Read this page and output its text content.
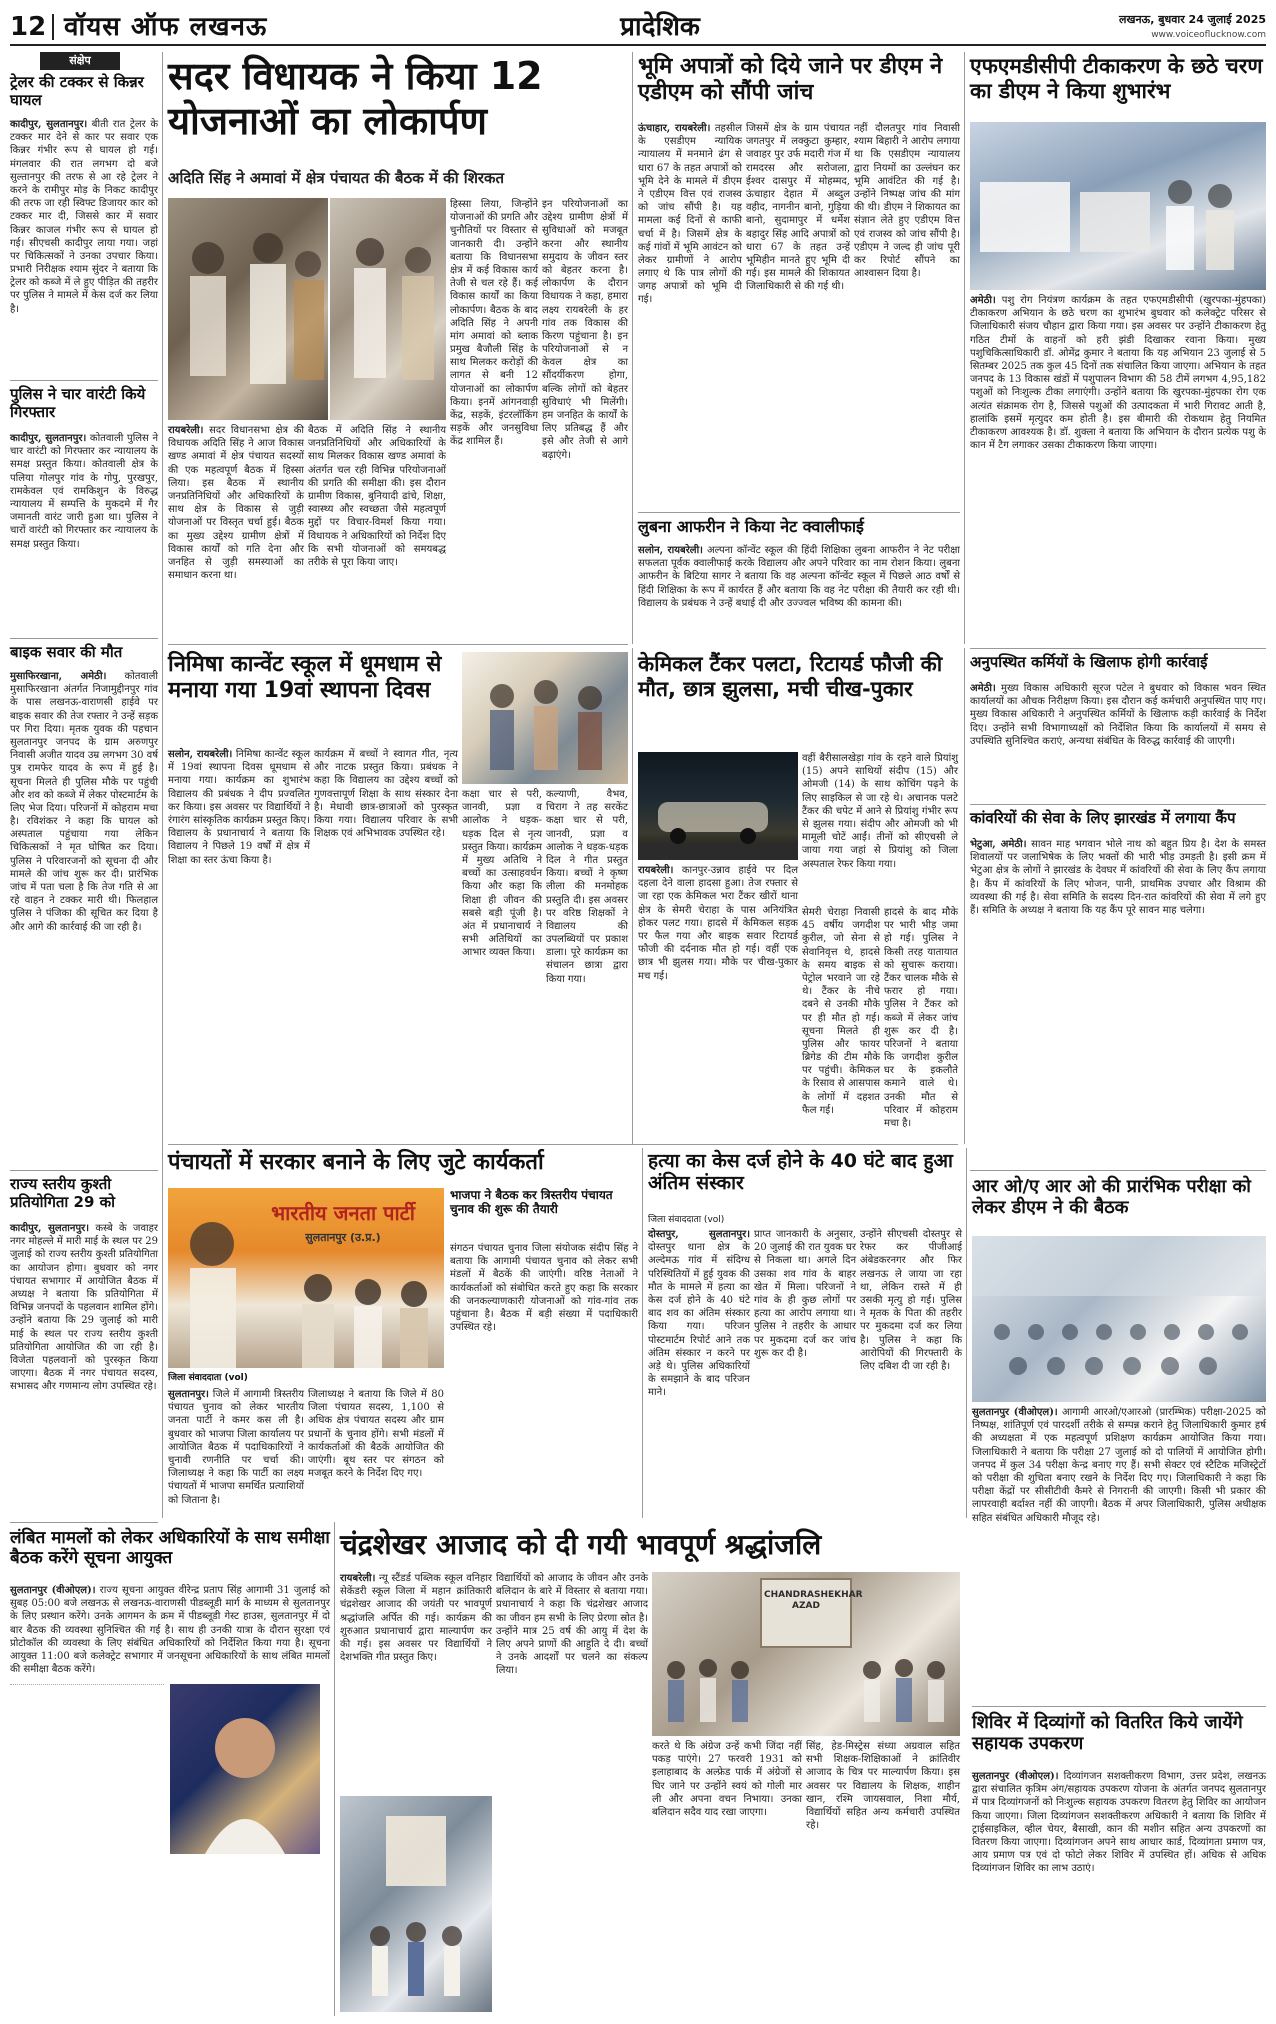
12 वॉयस ऑफ लखनऊ	प्रादेशिक	लखनऊ, बुधवार 24 जुलाई 2025
www.voiceoflucknow.com
संक्षेप
ट्रेलर की टक्कर से किन्नर घायल
कादीपुर, सुलतानपुर। बीती रात ट्रेलर के टक्कर मार देने से कार पर सवार एक किन्नर गंभीर रूप से घायल हो गई। मंगलवार की रात लगभग दो बजे सुल्तानपुर की तरफ से आ रहे ट्रेलर ने करने के रामीपुर मोड़ के निकट कादीपुर की तरफ जा रही स्विफ्ट डिजायर कार को टक्कर मार दी, जिससे कार में सवार किन्नर काजल गंभीर रूप से घायल हो गई। सीएचसी कादीपुर लाया गया। जहां पर चिकित्सकों ने उनका उपचार किया। प्रभारी निरीक्षक श्याम सुंदर ने बताया कि ट्रेलर को कब्जे में ले हुए पीड़ित की तहरीर पर पुलिस ने मामले में केस दर्ज कर लिया है।
पुलिस ने चार वारंटी किये गिरफ्तार
कादीपुर, सुलतानपुर। कोतवाली पुलिस ने चार वारंटी को गिरफ्तार कर न्यायालय के समक्ष प्रस्तुत किया। कोतवाली क्षेत्र के पलिया गोलपुर गांव के गोपु, पुरखपुर, रामकेवल एवं रामकिशुन के विरुद्ध न्यायालय में सम्पत्ति के मुकदमे में गैर जमानती वारंट जारी हुआ था। पुलिस ने चारों वारंटी को गिरफ्तार कर न्यायालय के समक्ष प्रस्तुत किया।
बाइक सवार की मौत
मुसाफिरखाना, अमेठी। कोतवाली मुसाफिरखाना अंतर्गत निजामुद्दीनपुर गांव के पास लखनऊ-वाराणसी हाईवे पर बाइक सवार की तेज रफ्तार ने उन्हें सड़क पर गिरा दिया। मृतक युवक की पहचान सुलतानपुर जनपद के ग्राम अरुणपुर निवासी अजीत यादव उम्र लगभग 30 वर्ष पुत्र रामफेर यादव के रूप में हुई है। सूचना मिलते ही पुलिस मौके पर पहुंची और शव को कब्जे में लेकर पोस्टमार्टम के लिए भेज दिया। परिजनों में कोहराम मचा है। रविशंकर ने कहा कि घायल को अस्पताल पहुंचाया गया लेकिन चिकित्सकों ने मृत घोषित कर दिया। पुलिस ने परिवारजनों को सूचना दी और मामले की जांच शुरू कर दी। प्रारंभिक जांच में पता चला है कि तेज गति से आ रहे वाहन ने टक्कर मारी थी। फिलहाल पुलिस ने पंजिका की सूचित कर दिया है और आगे की कार्रवाई की जा रही है।
राज्य स्तरीय कुश्ती प्रतियोगिता 29 को
कादीपुर, सुलतानपुर। कस्बे के जवाहर नगर मोहल्ले में मारी माई के स्थल पर 29 जुलाई को राज्य स्तरीय कुश्ती प्रतियोगिता का आयोजन होगा। बुधवार को नगर पंचायत सभागार में आयोजित बैठक में अध्यक्ष ने बताया कि प्रतियोगिता में विभिन्न जनपदों के पहलवान शामिल होंगे। उन्होंने बताया कि 29 जुलाई को मारी माई के स्थल पर राज्य स्तरीय कुश्ती प्रतियोगिता आयोजित की जा रही है। विजेता पहलवानों को पुरस्कृत किया जाएगा। बैठक में नगर पंचायत सदस्य, सभासद और गणमान्य लोग उपस्थित रहे।
सदर विधायक ने किया 12 योजनाओं का लोकार्पण
अदिति सिंह ने अमावां में क्षेत्र पंचायत की बैठक में की शिरकत
हिस्सा लिया, जिन्होंने योजनाओं की प्रगति और चुनौतियों पर विस्तार से जानकारी दी। उन्होंने बताया कि विधानसभा क्षेत्र में कई विकास कार्य तेजी से चल रहे हैं। कई विकास कार्यों का किया लोकार्पण। बैठक के बाद अदिति सिंह ने अपनी मांग अमावां को ब्लाक प्रमुख बैजौली सिंह के साथ मिलकर करोड़ों की लागत से बनी 12 योजनाओं का लोकार्पण किया। इनमें आंगनवाड़ी केंद्र, सड़कें, इंटरलॉकिंग सड़कें और जनसुविधा केंद्र शामिल हैं।
इन परियोजनाओं का उद्देश्य ग्रामीण क्षेत्रों में सुविधाओं को मजबूत करना और स्थानीय समुदाय के जीवन स्तर को बेहतर करना है। लोकार्पण के दौरान विधायक ने कहा, हमारा लक्ष्य रायबरेली के हर गांव तक विकास की किरण पहुंचाना है। इन परियोजनाओं से न केवल क्षेत्र का सौंदर्यीकरण होगा, बल्कि लोगों को बेहतर सुविधाएं भी मिलेंगी। हम जनहित के कार्यों के लिए प्रतिबद्ध हैं और इसे और तेजी से आगे बढ़ाएंगे।
रायबरेली। सदर विधानसभा क्षेत्र की विधायक अदिति सिंह ने आज विकास खण्ड अमावां में क्षेत्र पंचायत सदस्यों की एक महत्वपूर्ण बैठक में हिस्सा लिया। इस बैठक में स्थानीय जनप्रतिनिधियों और अधिकारियों के साथ क्षेत्र के विकास से जुड़ी योजनाओं पर विस्तृत चर्चा हुई। बैठक का मुख्य उद्देश्य ग्रामीण क्षेत्रों में विकास कार्यों को गति देना और जनहित से जुड़ी समस्याओं का समाधान करना था।
बैठक में अदिति सिंह ने स्थानीय जनप्रतिनिधियों और अधिकारियों के साथ मिलकर विकास खण्ड अमावां के अंतर्गत चल रही विभिन्न परियोजनाओं की प्रगति की समीक्षा की। इस दौरान ग्रामीण विकास, बुनियादी ढांचे, शिक्षा, स्वास्थ्य और स्वच्छता जैसे महत्वपूर्ण मुद्दों पर विचार-विमर्श किया गया। विधायक ने अधिकारियों को निर्देश दिए कि सभी योजनाओं को समयबद्ध तरीके से पूरा किया जाए।
भूमि अपात्रों को दिये जाने पर डीएम ने एडीएम को सौंपी जांच
ऊंचाहार, रायबरेली। तहसील के एसडीएम न्यायिक न्यायालय में मनमाने ढंग से धारा 67 के तहत अपात्रों को भूमि देने के मामले में डीएम ने एडीएम वित्त एवं राजस्व को जांच सौंपी है। यह मामला कई दिनों से काफी चर्चा में है। जिसमें क्षेत्र के कई गांवों में भूमि आवंटन को लेकर ग्रामीणों ने आरोप लगाए थे कि पात्र लोगों की जगह अपात्रों को भूमि दी गई।
जिसमें क्षेत्र के ग्राम पंचायत जगतपुर में लक्कुटा कुम्हार, जवाहर पुर उर्फ मदारी गंज में रामदरस और सरोजला, ईश्वर दासपुर में मोहम्मद, ऊंचाहार देहात में अब्दुल वहीद, नागनीन बानो, गुड़िया बानो, सुदामापुर में धर्मेश बहादुर सिंह आदि अपात्रों को धारा 67 के तहत उन्हें भूमिहीन मानते हुए भूमि दी गई। इस मामले की शिकायत जिलाधिकारी से की गई थी।
नहीं दौलतपुर गांव निवासी श्याम बिहारी ने आरोप लगाया था कि एसडीएम न्यायालय द्वारा नियमों का उल्लंघन कर भूमि आवंटित की गई है। उन्होंने निष्पक्ष जांच की मांग की थी। डीएम ने शिकायत का संज्ञान लेते हुए एडीएम वित्त एवं राजस्व को जांच सौंपी है। एडीएम ने जल्द ही जांच पूरी कर रिपोर्ट सौंपने का आश्वासन दिया है।
लुबना आफरीन ने किया नेट क्वालीफाई
सलोन, रायबरेली। अल्पना कॉन्वेंट स्कूल की हिंदी शिक्षिका लुबना आफरीन ने नेट परीक्षा सफलता पूर्वक क्वालीफाई करके विद्यालय और अपने परिवार का नाम रोशन किया। लुबना आफरीन के बिटिया सागर ने बताया कि वह अल्पना कॉन्वेंट स्कूल में पिछले आठ वर्षों से हिंदी शिक्षिका के रूप में कार्यरत हैं और बताया कि वह नेट परीक्षा की तैयारी कर रही थी। विद्यालय के प्रबंधक ने उन्हें बधाई दी और उज्ज्वल भविष्य की कामना की।
एफएमडीसीपी टीकाकरण के छठे चरण का डीएम ने किया शुभारंभ
अमेठी। पशु रोग नियंत्रण कार्यक्रम के तहत एफएमडीसीपी (खुरपका-मुंहपका) टीकाकरण अभियान के छठे चरण का शुभारंभ बुधवार को कलेक्ट्रेट परिसर से जिलाधिकारी संजय चौहान द्वारा किया गया। इस अवसर पर उन्होंने टीकाकरण हेतु गठित टीमों के वाहनों को हरी झंडी दिखाकर रवाना किया। मुख्य पशुचिकित्साधिकारी डॉ. ओमेंद्र कुमार ने बताया कि यह अभियान 23 जुलाई से 5 सितम्बर 2025 तक कुल 45 दिनों तक संचालित किया जाएगा। अभियान के तहत जनपद के 13 विकास खंडों में पशुपालन विभाग की 58 टीमें लगभग 4,95,182 पशुओं को निःशुल्क टीका लगाएंगी। उन्होंने बताया कि खुरपका-मुंहपका रोग एक अत्यंत संक्रामक रोग है, जिससे पशुओं की उत्पादकता में भारी गिरावट आती है, हालांकि इसमें मृत्युदर कम होती है। इस बीमारी की रोकथाम हेतु नियमित टीकाकरण आवश्यक है। डॉ. शुक्ला ने बताया कि अभियान के दौरान प्रत्येक पशु के कान में टैग लगाकर उसका टीकाकरण किया जाएगा।
निमिषा कान्वेंट स्कूल में धूमधाम से मनाया गया 19वां स्थापना दिवस
सलोन, रायबरेली। निमिषा कान्वेंट स्कूल में 19वां स्थापना दिवस धूमधाम से मनाया गया। कार्यक्रम का शुभारंभ विद्यालय की प्रबंधक ने दीप प्रज्वलित कर किया। इस अवसर पर विद्यार्थियों ने रंगारंग सांस्कृतिक कार्यक्रम प्रस्तुत किए। विद्यालय के प्रधानाचार्य ने बताया कि विद्यालय ने पिछले 19 वर्षों में क्षेत्र में शिक्षा का स्तर ऊंचा किया है।
कार्यक्रम में बच्चों ने स्वागत गीत, नृत्य और नाटक प्रस्तुत किया। प्रबंधक ने कहा कि विद्यालय का उद्देश्य बच्चों को गुणवत्तापूर्ण शिक्षा के साथ संस्कार देना है। मेधावी छात्र-छात्राओं को पुरस्कृत किया गया। विद्यालय परिवार के सभी शिक्षक एवं अभिभावक उपस्थित रहे।
कक्षा चार से परी, जानवी, प्रज्ञा व आलोक ने धड़क-धड़क दिल से नृत्य प्रस्तुत किया। कार्यक्रम में मुख्य अतिथि ने बच्चों का उत्साहवर्धन किया और कहा कि शिक्षा ही जीवन की सबसे बड़ी पूंजी है। अंत में प्रधानाचार्य ने सभी अतिथियों का आभार व्यक्त किया।
कल्याणी, वैभव, चिराग ने तह सरकेंट कक्षा चार से परी, जानवी, प्रज्ञा व आलोक ने धड़क-धड़क दिल ने गीत प्रस्तुत किया। बच्चों ने कृष्ण लीला की मनमोहक प्रस्तुति दी। इस अवसर पर वरिष्ठ शिक्षकों ने विद्यालय की उपलब्धियों पर प्रकाश डाला। पूरे कार्यक्रम का संचालन छात्रा द्वारा किया गया।
केमिकल टैंकर पलटा, रिटायर्ड फौजी की मौत, छात्र झुलसा, मची चीख-पुकार
वहीं बैरीसालखेड़ा गांव के रहने वाले प्रियांशु (15) अपने साथियों संदीप (15) और ओमजी (14) के साथ कोचिंग पढ़ने के लिए साइकिल से जा रहे थे। अचानक पलटे टैंकर की चपेट में आने से प्रियांशु गंभीर रूप से झुलस गया। संदीप और ओमजी को भी मामूली चोटें आईं। तीनों को सीएचसी ले जाया गया जहां से प्रियांशु को जिला अस्पताल रेफर किया गया।
रायबरेली। कानपुर-उन्नाव हाईवे पर दिल दहला देने वाला हादसा हुआ। तेज रफ्तार से जा रहा एक केमिकल भरा टैंकर खीरों थाना क्षेत्र के सेमरी चेराहा के पास अनियंत्रित होकर पलट गया। हादसे में केमिकल सड़क पर फैल गया और बाइक सवार रिटायर्ड फौजी की दर्दनाक मौत हो गई। वहीं एक छात्र भी झुलस गया। मौके पर चीख-पुकार मच गई।
सेमरी चेराहा निवासी 45 वर्षीय जगदीश कुरील, जो सेना से सेवानिवृत्त थे, हादसे के समय बाइक से पेट्रोल भरवाने जा रहे थे। टैंकर के नीचे दबने से उनकी मौके पर ही मौत हो गई। सूचना मिलते ही पुलिस और फायर ब्रिगेड की टीम मौके पर पहुंची। केमिकल के रिसाव से आसपास के लोगों में दहशत फैल गई।
हादसे के बाद मौके पर भारी भीड़ जमा हो गई। पुलिस ने किसी तरह यातायात को सुचारू कराया। टैंकर चालक मौके से फरार हो गया। पुलिस ने टैंकर को कब्जे में लेकर जांच शुरू कर दी है। परिजनों ने बताया कि जगदीश कुरील घर के इकलौते कमाने वाले थे। उनकी मौत से परिवार में कोहराम मचा है।
अनुपस्थित कर्मियों के खिलाफ होगी कार्रवाई
अमेठी। मुख्य विकास अधिकारी सूरज पटेल ने बुधवार को विकास भवन स्थित कार्यालयों का औचक निरीक्षण किया। इस दौरान कई कर्मचारी अनुपस्थित पाए गए। मुख्य विकास अधिकारी ने अनुपस्थित कर्मियों के खिलाफ कड़ी कार्रवाई के निर्देश दिए। उन्होंने सभी विभागाध्यक्षों को निर्देशित किया कि कार्यालयों में समय से उपस्थिति सुनिश्चित कराएं, अन्यथा संबंधित के विरुद्ध कार्रवाई की जाएगी।
कांवरियों की सेवा के लिए झारखंड में लगाया कैंप
भेटुआ, अमेठी। सावन माह भगवान भोले नाथ को बहुत प्रिय है। देश के समस्त शिवालयों पर जलाभिषेक के लिए भक्तों की भारी भीड़ उमड़ती है। इसी क्रम में भेटुआ क्षेत्र के लोगों ने झारखंड के देवघर में कांवरियों की सेवा के लिए कैंप लगाया है। कैंप में कांवरियों के लिए भोजन, पानी, प्राथमिक उपचार और विश्राम की व्यवस्था की गई है। सेवा समिति के सदस्य दिन-रात कांवरियों की सेवा में लगे हुए हैं। समिति के अध्यक्ष ने बताया कि यह कैंप पूरे सावन माह चलेगा।
पंचायतों में सरकार बनाने के लिए जुटे कार्यकर्ता
भारतीय जनता पार्टी
सुलतानपुर (उ.प्र.)
जिला संवाददाता (vol)
सुलतानपुर। जिले में आगामी त्रिस्तरीय पंचायत चुनाव को लेकर भारतीय जनता पार्टी ने कमर कस ली है। बुधवार को भाजपा जिला कार्यालय पर आयोजित बैठक में पदाधिकारियों ने चुनावी रणनीति पर चर्चा की। जिलाध्यक्ष ने कहा कि पार्टी का लक्ष्य पंचायतों में भाजपा समर्थित प्रत्याशियों को जिताना है।
जिलाध्यक्ष ने बताया कि जिले में 80 जिला पंचायत सदस्य, 1,100 से अधिक क्षेत्र पंचायत सदस्य और ग्राम प्रधानों के चुनाव होंगे। सभी मंडलों में कार्यकर्ताओं की बैठकें आयोजित की जाएंगी। बूथ स्तर पर संगठन को मजबूत करने के निर्देश दिए गए।
भाजपा ने बैठक कर त्रिस्तरीय पंचायत चुनाव की शुरू की तैयारी
संगठन पंचायत चुनाव जिला संयोजक संदीप सिंह ने बताया कि आगामी पंचायत चुनाव को लेकर सभी मंडलों में बैठकें की जाएंगी। वरिष्ठ नेताओं ने कार्यकर्ताओं को संबोधित करते हुए कहा कि सरकार की जनकल्याणकारी योजनाओं को गांव-गांव तक पहुंचाना है। बैठक में बड़ी संख्या में पदाधिकारी उपस्थित रहे।
हत्या का केस दर्ज होने के 40 घंटे बाद हुआ अंतिम संस्कार
जिला संवाददाता (vol)
दोस्तपुर, सुलतानपुर। दोस्तपुर थाना क्षेत्र के अल्देमऊ गांव में संदिग्ध परिस्थितियों में हुई युवक की मौत के मामले में हत्या का केस दर्ज होने के 40 घंटे बाद शव का अंतिम संस्कार किया गया। परिजन पोस्टमार्टम रिपोर्ट आने तक अंतिम संस्कार न करने पर अड़े थे। पुलिस अधिकारियों के समझाने के बाद परिजन माने।
प्राप्त जानकारी के अनुसार, 20 जुलाई की रात युवक घर से निकला था। अगले दिन उसका शव गांव के बाहर खेत में मिला। परिजनों ने गांव के ही कुछ लोगों पर हत्या का आरोप लगाया था। पुलिस ने तहरीर के आधार पर मुकदमा दर्ज कर जांच शुरू कर दी है।
उन्होंने सीएचसी दोस्तपुर से रेफर कर पीजीआई अंबेडकरनगर और फिर लखनऊ ले जाया जा रहा था, लेकिन रास्ते में ही उसकी मृत्यु हो गई। पुलिस ने मृतक के पिता की तहरीर पर मुकदमा दर्ज कर लिया है। पुलिस ने कहा कि आरोपियों की गिरफ्तारी के लिए दबिश दी जा रही है।
आर ओ/ए आर ओ की प्रारंभिक परीक्षा को लेकर डीएम ने की बैठक
सुलतानपुर (वीओएल)। आगामी आरओ/एआरओ (प्रारम्भिक) परीक्षा-2025 को निष्पक्ष, शांतिपूर्ण एवं पारदर्शी तरीके से सम्पन्न कराने हेतु जिलाधिकारी कुमार हर्ष की अध्यक्षता में एक महत्वपूर्ण प्रशिक्षण कार्यक्रम आयोजित किया गया। जिलाधिकारी ने बताया कि परीक्षा 27 जुलाई को दो पालियों में आयोजित होगी। जनपद में कुल 34 परीक्षा केन्द्र बनाए गए हैं। सभी सेक्टर एवं स्टैटिक मजिस्ट्रेटों को परीक्षा की शुचिता बनाए रखने के निर्देश दिए गए। जिलाधिकारी ने कहा कि परीक्षा केंद्रों पर सीसीटीवी कैमरे से निगरानी की जाएगी। किसी भी प्रकार की लापरवाही बर्दाश्त नहीं की जाएगी। बैठक में अपर जिलाधिकारी, पुलिस अधीक्षक सहित संबंधित अधिकारी मौजूद रहे।
शिविर में दिव्यांगों को वितरित किये जायेंगे सहायक उपकरण
सुलतानपुर (वीओएल)। दिव्यांगजन सशक्तीकरण विभाग, उत्तर प्रदेश, लखनऊ द्वारा संचालित कृत्रिम अंग/सहायक उपकरण योजना के अंतर्गत जनपद सुलतानपुर में पात्र दिव्यांगजनों को निःशुल्क सहायक उपकरण वितरण हेतु शिविर का आयोजन किया जाएगा। जिला दिव्यांगजन सशक्तीकरण अधिकारी ने बताया कि शिविर में ट्राईसाइकिल, व्हील चेयर, बैसाखी, कान की मशीन सहित अन्य उपकरणों का वितरण किया जाएगा। दिव्यांगजन अपने साथ आधार कार्ड, दिव्यांगता प्रमाण पत्र, आय प्रमाण पत्र एवं दो फोटो लेकर शिविर में उपस्थित हों। अधिक से अधिक दिव्यांगजन शिविर का लाभ उठाएं।
लंबित मामलों को लेकर अधिकारियों के साथ समीक्षा बैठक करेंगे सूचना आयुक्त
सुलतानपुर (वीओएल)। राज्य सूचना आयुक्त वीरेन्द्र प्रताप सिंह आगामी 31 जुलाई को सुबह 05:00 बजे लखनऊ से लखनऊ-वाराणसी पीडब्लूडी मार्ग के माध्यम से सुलतानपुर के लिए प्रस्थान करेंगे। उनके आगमन के क्रम में पीडब्लूडी गेस्ट हाउस, सुलतानपुर में दो बार बैठक की व्यवस्था सुनिश्चित की गई है। साथ ही उनकी यात्रा के दौरान सुरक्षा एवं प्रोटोकॉल की व्यवस्था के लिए संबंधित अधिकारियों को निर्देशित किया गया है। सूचना आयुक्त 11:00 बजे कलेक्ट्रेट सभागार में जनसूचना अधिकारियों के साथ लंबित मामलों की समीक्षा बैठक करेंगे।
चंद्रशेखर आजाद को दी गयी भावपूर्ण श्रद्धांजलि
रायबरेली। न्यू स्टैंडर्ड पब्लिक स्कूल वनिहार सेकेंडरी स्कूल जिला में महान क्रांतिकारी चंद्रशेखर आजाद की जयंती पर भावपूर्ण श्रद्धांजलि अर्पित की गई। कार्यक्रम की शुरुआत प्रधानाचार्य द्वारा माल्यार्पण कर की गई। इस अवसर पर विद्यार्थियों ने देशभक्ति गीत प्रस्तुत किए।
विद्यार्थियों को आजाद के जीवन और उनके बलिदान के बारे में विस्तार से बताया गया। प्रधानाचार्य ने कहा कि चंद्रशेखर आजाद का जीवन हम सभी के लिए प्रेरणा स्रोत है। उन्होंने मात्र 25 वर्ष की आयु में देश के लिए अपने प्राणों की आहुति दे दी। बच्चों ने उनके आदर्शों पर चलने का संकल्प लिया।
CHANDRASHEKHAR AZAD
करते थे कि अंग्रेज उन्हें कभी जिंदा नहीं पकड़ पाएंगे। 27 फरवरी 1931 को इलाहाबाद के अल्फ्रेड पार्क में अंग्रेजों से घिर जाने पर उन्होंने स्वयं को गोली मार ली और अपना वचन निभाया। उनका बलिदान सदैव याद रखा जाएगा।
सिंह, हेड-मिस्ट्रेस संध्या अग्रवाल सहित सभी शिक्षक-शिक्षिकाओं ने क्रांतिवीर आजाद के चित्र पर माल्यार्पण किया। इस अवसर पर विद्यालय के शिक्षक, शाहीन खान, रश्मि जायसवाल, निशा मौर्य, विद्यार्थियों सहित अन्य कर्मचारी उपस्थित रहे।
